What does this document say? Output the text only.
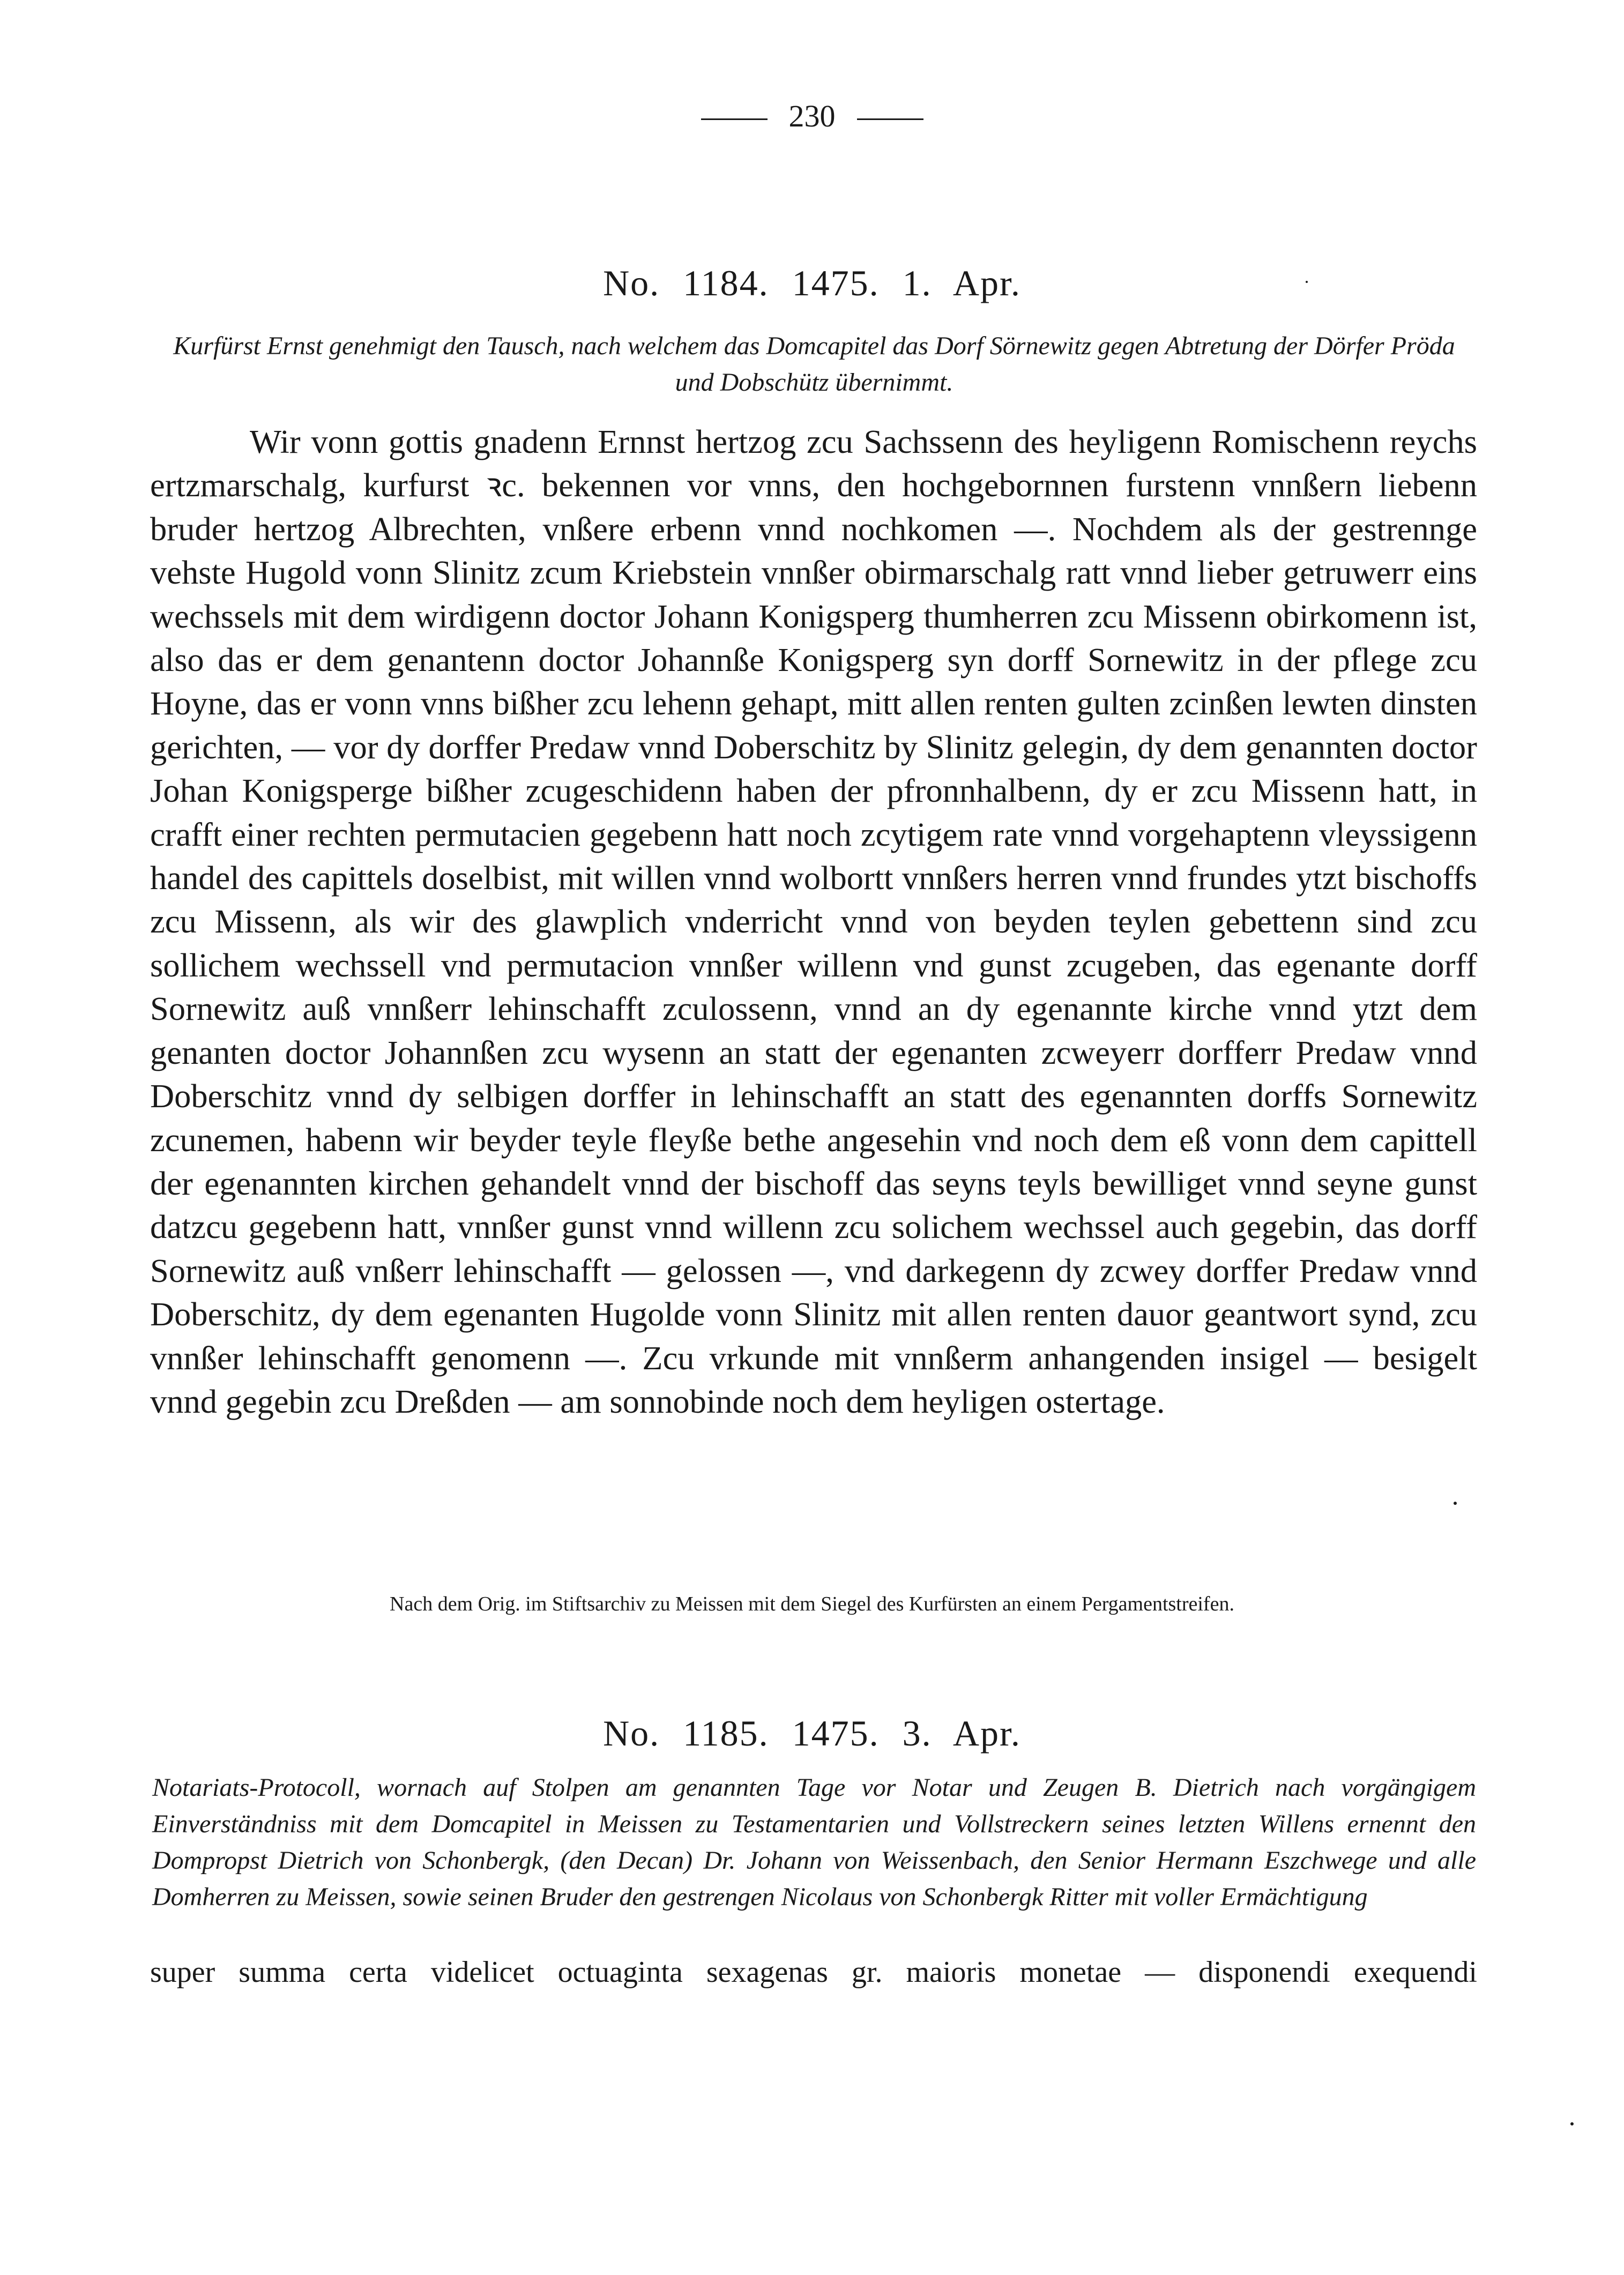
230
No. 1184. 1475. 1. Apr.
Kurfürst Ernst genehmigt den Tausch, nach welchem das Domcapitel das Dorf Sörnewitz gegen Abtretung der Dörfer Pröda und Dobschütz übernimmt.
Wir vonn gottis gnadenn Ernnst hertzog zcu Sachssenn des heyligenn Romischenn reychs ertzmarschalg, kurfurst ꝛc. bekennen vor vnns, den hochgebornnen furstenn vnnßern liebenn bruder hertzog Albrechten, vnßere erbenn vnnd nochkomen —. Nochdem als der gestrennge vehste Hugold vonn Slinitz zcum Kriebstein vnnßer obirmarschalg ratt vnnd lieber getruwerr eins wechssels mit dem wirdigenn doctor Johann Konigsperg thumherren zcu Missenn obirkomenn ist, also das er dem genantenn doctor Johannße Konigsperg syn dorff Sornewitz in der pflege zcu Hoyne, das er vonn vnns bißher zcu lehenn gehapt, mitt allen renten gulten zcinßen lewten dinsten gerichten, — vor dy dorffer Predaw vnnd Doberschitz by Slinitz gelegin, dy dem genannten doctor Johan Konigsperge bißher zcugeschidenn haben der pfronnhalbenn, dy er zcu Missenn hatt, in crafft einer rechten permutacien gegebenn hatt noch zcytigem rate vnnd vorgehaptenn vleyssigenn handel des capittels doselbist, mit willen vnnd wolbortt vnnßers herren vnnd frundes ytzt bischoffs zcu Missenn, als wir des glawplich vnderricht vnnd von beyden teylen gebettenn sind zcu sollichem wechssell vnd permutacion vnnßer willenn vnd gunst zcugeben, das egenante dorff Sornewitz auß vnnßerr lehinschafft zculossenn, vnnd an dy egenannte kirche vnnd ytzt dem genanten doctor Johannßen zcu wysenn an statt der egenanten zcweyerr dorfferr Predaw vnnd Doberschitz vnnd dy selbigen dorffer in lehinschafft an statt des egenannten dorffs Sornewitz zcunemen, habenn wir beyder teyle fleyße bethe angesehin vnd noch dem eß vonn dem capittell der egenannten kirchen gehandelt vnnd der bischoff das seyns teyls bewilliget vnnd seyne gunst datzcu gegebenn hatt, vnnßer gunst vnnd willenn zcu solichem wechssel auch gegebin, das dorff Sornewitz auß vnßerr lehinschafft — gelossen —, vnd darkegenn dy zcwey dorffer Predaw vnnd Doberschitz, dy dem egenanten Hugolde vonn Slinitz mit allen renten dauor geantwort synd, zcu vnnßer lehinschafft genomenn —. Zcu vrkunde mit vnnßerm anhangenden insigel — besigelt vnnd gegebin zcu Dreßden — am sonnobinde noch dem heyligen ostertage.
Nach dem Orig. im Stiftsarchiv zu Meissen mit dem Siegel des Kurfürsten an einem Pergamentstreifen.
No. 1185. 1475. 3. Apr.
Notariats-Protocoll, wornach auf Stolpen am genannten Tage vor Notar und Zeugen B. Dietrich nach vorgängigem Einverständniss mit dem Domcapitel in Meissen zu Testamentarien und Vollstreckern seines letzten Willens ernennt den Dompropst Dietrich von Schonbergk, (den Decan) Dr. Johann von Weissenbach, den Senior Hermann Eszchwege und alle Domherren zu Meissen, sowie seinen Bruder den gestrengen Nicolaus von Schonbergk Ritter mit voller Ermächtigung
super summa certa videlicet octuaginta sexagenas gr. maioris monetae — disponendi exequendi
